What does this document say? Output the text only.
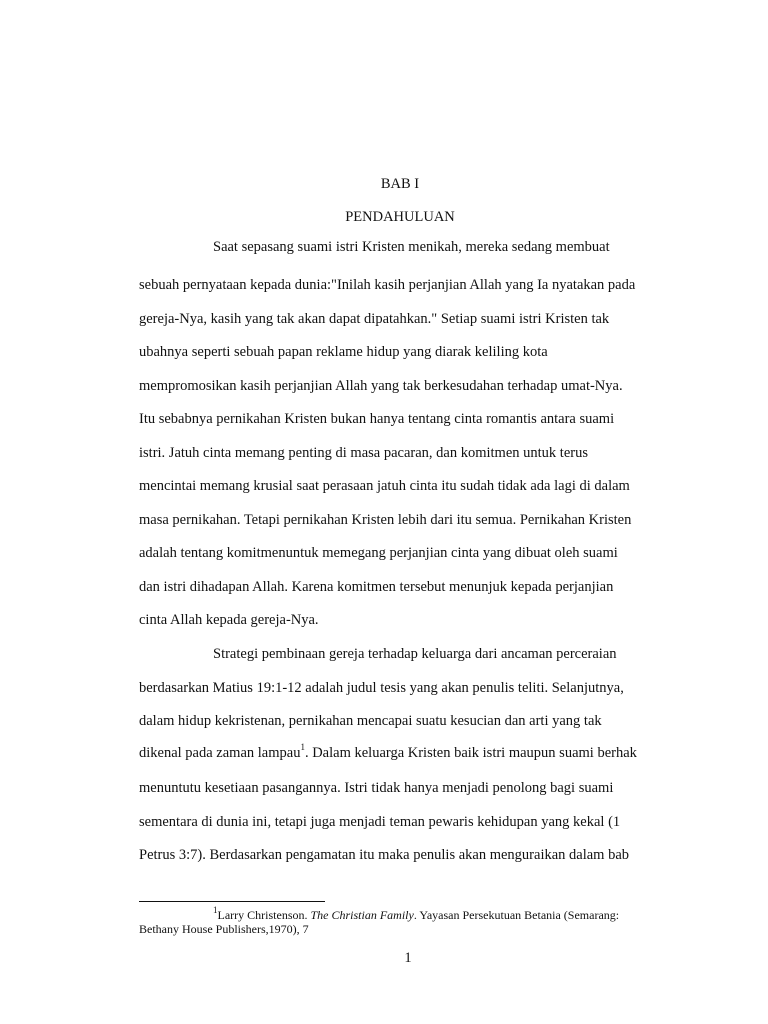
BAB I
PENDAHULUAN
Saat sepasang suami istri Kristen menikah, mereka sedang membuat
sebuah pernyataan kepada dunia:"Inilah kasih perjanjian Allah yang Ia nyatakan pada
gereja-Nya, kasih yang tak akan dapat dipatahkan." Setiap suami istri Kristen tak
ubahnya seperti sebuah papan reklame hidup yang diarak keliling kota
mempromosikan kasih perjanjian Allah yang tak berkesudahan terhadap umat-Nya.
Itu sebabnya pernikahan Kristen bukan hanya tentang cinta romantis antara suami
istri. Jatuh cinta memang penting di masa pacaran, dan komitmen untuk terus
mencintai memang krusial saat perasaan jatuh cinta itu sudah tidak ada lagi di dalam
masa pernikahan. Tetapi pernikahan Kristen lebih dari itu semua. Pernikahan Kristen
adalah tentang komitmenuntuk memegang perjanjian cinta yang dibuat oleh suami
dan istri dihadapan Allah. Karena komitmen tersebut menunjuk kepada perjanjian
cinta Allah kepada gereja-Nya.
Strategi pembinaan gereja terhadap keluarga dari ancaman perceraian
berdasarkan Matius 19:1-12 adalah judul tesis yang akan penulis teliti. Selanjutnya,
dalam hidup kekristenan, pernikahan mencapai suatu kesucian dan arti yang tak
dikenal pada zaman lampau$^1$. Dalam keluarga Kristen baik istri maupun suami berhak
menuntutu kesetiaan pasangannya. Istri tidak hanya menjadi penolong bagi suami
sementara di dunia ini, tetapi juga menjadi teman pewaris kehidupan yang kekal (1
Petrus 3:7). Berdasarkan pengamatan itu maka penulis akan menguraikan dalam bab
$^1$Larry Christenson. The Christian Family. Yayasan Persekutuan Betania (Semarang:
Bethany House Publishers,1970), 7
1
